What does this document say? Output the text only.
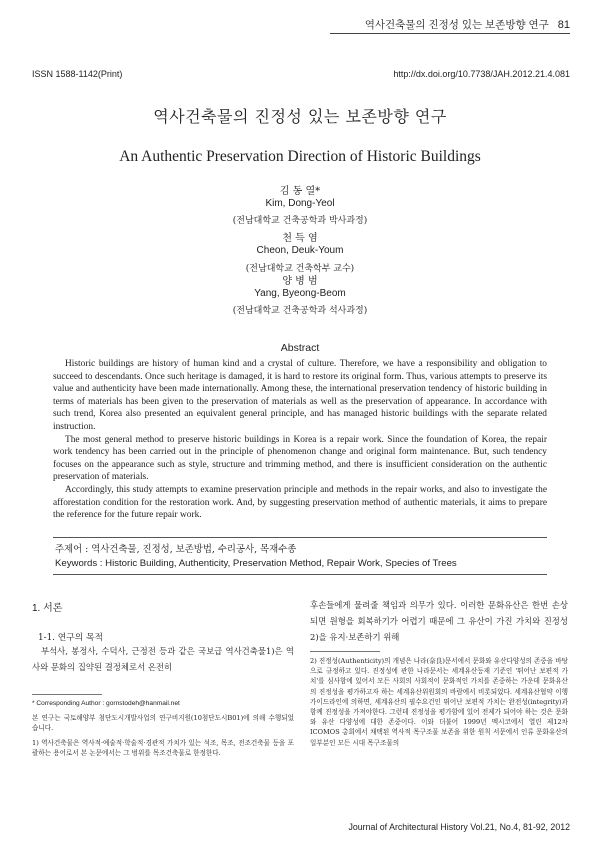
역사건축물의 진정성 있는 보존방향 연구 81
ISSN 1588-1142(Print)	http://dx.doi.org/10.7738/JAH.2012.21.4.081
역사건축물의 진정성 있는 보존방향 연구
An Authentic Preservation Direction of Historic Buildings
김 동 열*
Kim, Dong-Yeol
(전남대학교 건축공학과 박사과정)
천 득 염
Cheon, Deuk-Youm
(전남대학교 건축학부 교수)
양 병 범
Yang, Byeong-Beom
(전남대학교 건축공학과 석사과정)
Abstract

Historic buildings are history of human kind and a crystal of culture. Therefore, we have a responsibility and obligation to succeed to descendants. Once such heritage is damaged, it is hard to restore its original form. Thus, various attempts to preserve its value and authenticity have been made internationally. Among these, the international preservation tendency of historic building in terms of materials has been given to the preservation of materials as well as the preservation of appearance. In accordance with such trend, Korea also presented an equivalent general principle, and has managed historic buildings with the separate related instruction.

The most general method to preserve historic buildings in Korea is a repair work. Since the foundation of Korea, the repair work tendency has been carried out in the principle of phenomenon change and original form maintenance. But, such tendency focuses on the appearance such as style, structure and trimming method, and there is insufficient consideration on the authentic preservation of materials.

Accordingly, this study attempts to examine preservation principle and methods in the repair works, and also to investigate the afforestation condition for the restoration work. And, by suggesting preservation method of authentic materials, it aims to prepare the reference for the future repair work.

주제어 : 역사건축물, 진정성, 보존방법, 수리공사, 목재수종
Keywords : Historic Building, Authenticity, Preservation Method, Repair Work, Species of Trees
1. 서론
1-1. 연구의 목적

부석사, 봉정사, 수덕사, 근정전 등과 같은 국보급 역사건축물1)은 역사와 문화의 집약된 결정체로서 온전히

* Corresponding Author : gornstodeh@hanmail.net

본 연구는 국토해양부 첨단도시개발사업의 연구비지원(10첨단도시B01)에 의해 수행되었습니다.

1) 역사건축물은 역사적·예술적·학술적·경관적 가치가 있는 석조, 목조, 전조건축물 등을 포괄하는 용어로서 본 논문에서는 그 범위를 목조건축물로 한정한다.

후손들에게 물려줄 책임과 의무가 있다. 이러한 문화유산은 한번 손상되면 원형을 회복하기가 어렵기 때문에 그 유산이 가진 가치와 진정성2)을 유지·보존하기 위해

2) 진정성(Authenticity)의 개념은 나라(奈良)문서에서 문화와 유산다양성의 존중을 바탕으로 규정하고 있다. 진정성에 관한 나라문서는 세계유산등재 기준인 '뛰어난 보편적 가치'를 심사함에 있어서 모든 사회의 사회적이 문화적인 가치를 존중하는 가운데 문화유산의 진정성을 평가하고자 하는 세계유산위원회의 바람에서 비롯되었다. 세계유산협약 이행 가이드라인에 의하면, 세계유산의 필수요건인 뛰어난 보편적 가치는 완전성(integrity)과 함께 진정성을 가져야한다. 그런데 진정성을 평가함에 있어 전제가 되어야 하는 것은 문화와 유산 다양성에 대한 존중이다. 이와 더불어 1999년 멕시코에서 열린 제12차 ICOMOS 총회에서 채택된 역사적 목구조물 보존을 위한 원칙 서문에서 인류 문화유산의 일부분인 모든 시대 목구조물의

Journal of Architectural History Vol.21, No.4, 81-92, 2012
